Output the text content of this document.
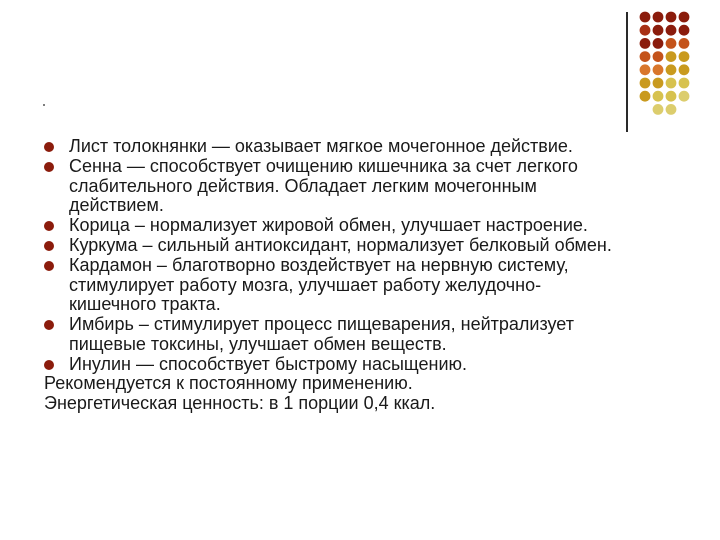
Лист толокнянки — оказывает мягкое мочегонное действие.
Сенна — способствует очищению кишечника за счет легкого
слабительного действия. Обладает легким мочегонным
действием.
Корица – нормализует жировой обмен, улучшает настроение.
Куркума – сильный антиоксидант, нормализует белковый обмен.
Кардамон – благотворно воздействует на нервную систему,
стимулирует работу мозга, улучшает работу желудочно-
кишечного тракта.
Имбирь – стимулирует процесс пищеварения, нейтрализует
пищевые токсины, улучшает обмен веществ.
Инулин — способствует быстрому насыщению.

Рекомендуется к постоянному применению.

Энергетическая ценность: в 1 порции 0,4 ккал.
